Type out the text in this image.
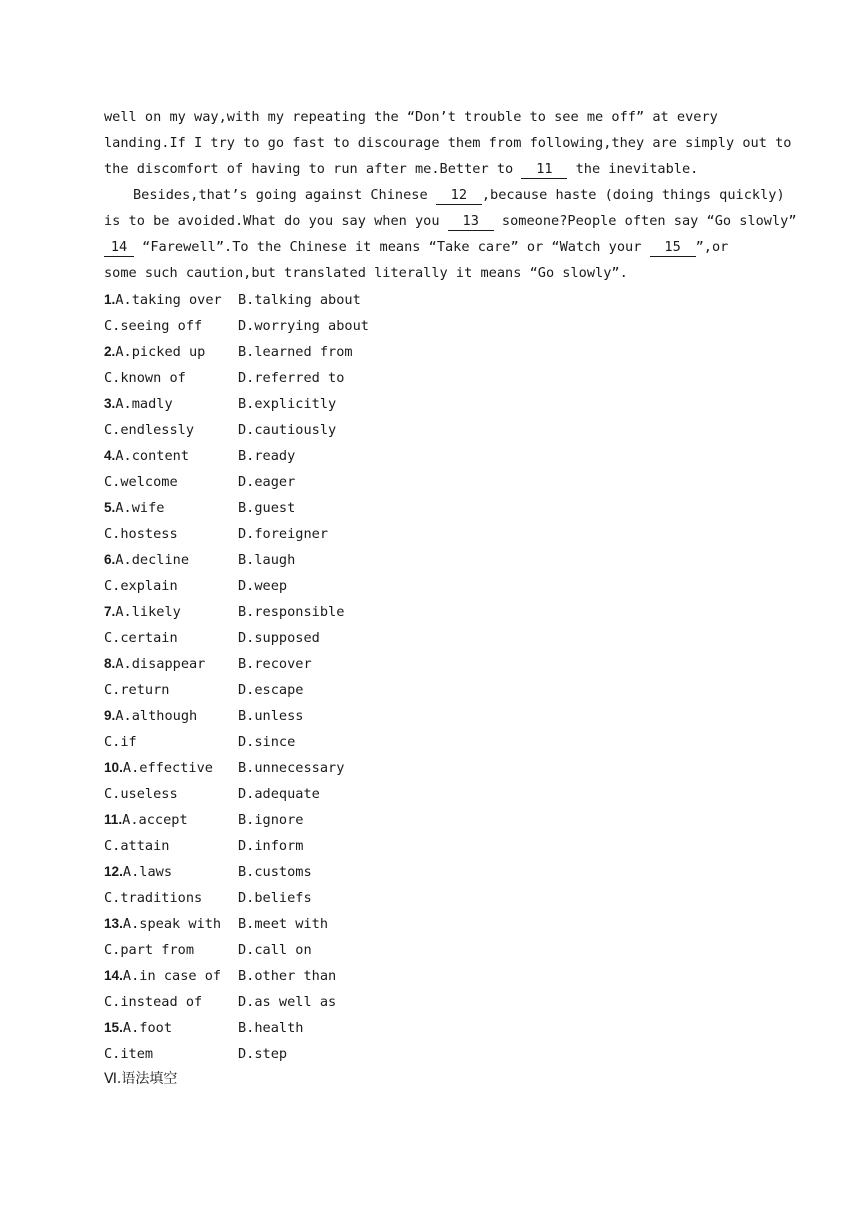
well on my way,with my repeating the “Don’t trouble to see me off” at every
landing.If I try to go fast to discourage them from following,they are simply out to
the discomfort of having to run after me.Better to 11 the inevitable.
Besides,that’s going against Chinese 12 ,because haste (doing things quickly)
is to be avoided.What do you say when you 13 someone?People often say “Go slowly”
14 “Farewell”.To the Chinese it means “Take care” or “Watch your 15 ”,or
some such caution,but translated literally it means “Go slowly”.
1.A.taking over B.talking about
C.seeing off	D.worrying about
2.A.picked up B.learned from
C.known of	D.referred to
3.A.madly	B.explicitly
C.endlessly	D.cautiously
4.A.content	B.ready
C.welcome	D.eager
5.A.wife	B.guest
C.hostess	D.foreigner
6.A.decline	B.laugh
C.explain	D.weep
7.A.likely	B.responsible
C.certain	D.supposed
8.A.disappear B.recover
C.return	D.escape
9.A.although	B.unless
C.if	D.since
10.A.effective B.unnecessary
C.useless	D.adequate
11.A.accept	B.ignore
C.attain	D.inform
12.A.laws	B.customs
C.traditions	D.beliefs
13.A.speak with B.meet with
C.part from	D.call on
14.A.in case of B.other than
C.instead of	D.as well as
15.A.foot	B.health
C.item	D.step
Ⅵ.语法填空
